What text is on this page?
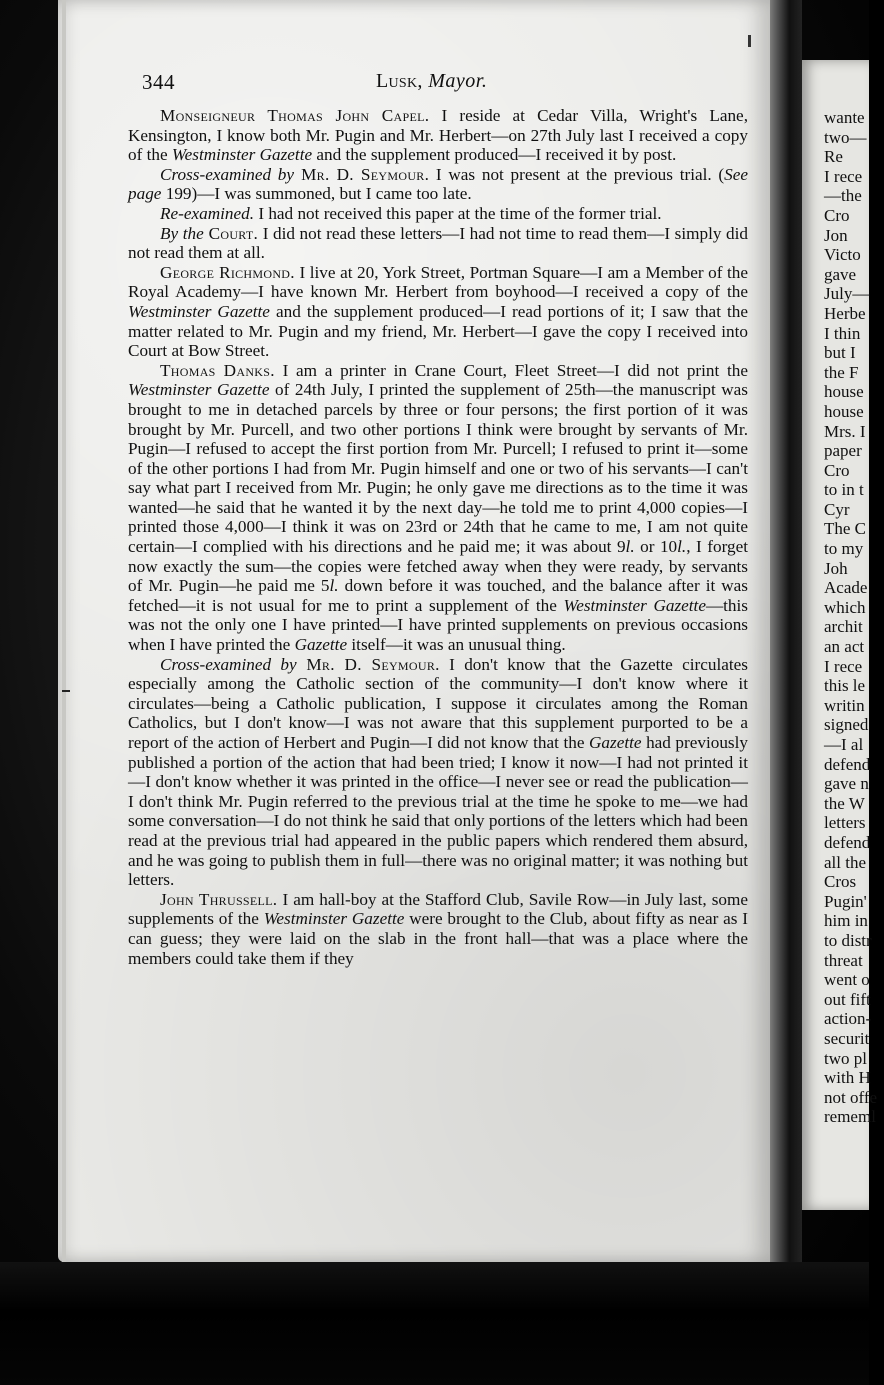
wante
two—
Re
I rece
—the
Cro
Jon
Victo
gave
July—
Herbe
I thin
but I
the F
house
house
Mrs. I
paper
Cro
to in t
Cyr
The C
to my
Joh
Acade
which
archit
an act
I rece
this le
writin
signed
—I al
defend
gave n
the W
letters
defend
all the
Cros
Pugin'
him in
to distr
threat
went o
out fift
action-
securit
two pl
with H
not offe
rememl
344	Lusk, Mayor.

Monseigneur Thomas John Capel. I reside at Cedar Villa, Wright's Lane, Kensington, I know both Mr. Pugin and Mr. Herbert—on 27th July last I received a copy of the Westminster Gazette and the supplement produced—I received it by post.

Cross-examined by Mr. D. Seymour. I was not present at the previous trial. (See page 199)—I was summoned, but I came too late.

Re-examined. I had not received this paper at the time of the former trial.

By the Court. I did not read these letters—I had not time to read them—I simply did not read them at all.

George Richmond. I live at 20, York Street, Portman Square—I am a Member of the Royal Academy—I have known Mr. Herbert from boyhood—I received a copy of the Westminster Gazette and the supplement produced—I read portions of it; I saw that the matter related to Mr. Pugin and my friend, Mr. Herbert—I gave the copy I received into Court at Bow Street.

Thomas Danks. I am a printer in Crane Court, Fleet Street—I did not print the Westminster Gazette of 24th July, I printed the supplement of 25th—the manuscript was brought to me in detached parcels by three or four persons; the first portion of it was brought by Mr. Purcell, and two other portions I think were brought by servants of Mr. Pugin—I refused to accept the first portion from Mr. Purcell; I refused to print it—some of the other portions I had from Mr. Pugin himself and one or two of his servants—I can't say what part I received from Mr. Pugin; he only gave me directions as to the time it was wanted—he said that he wanted it by the next day—he told me to print 4,000 copies—I printed those 4,000—I think it was on 23rd or 24th that he came to me, I am not quite certain—I complied with his directions and he paid me; it was about 9l. or 10l., I forget now exactly the sum—the copies were fetched away when they were ready, by servants of Mr. Pugin—he paid me 5l. down before it was touched, and the balance after it was fetched—it is not usual for me to print a supplement of the Westminster Gazette—this was not the only one I have printed—I have printed supplements on previous occasions when I have printed the Gazette itself—it was an unusual thing.

Cross-examined by Mr. D. Seymour. I don't know that the Gazette circulates especially among the Catholic section of the community—I don't know where it circulates—being a Catholic publication, I suppose it circulates among the Roman Catholics, but I don't know—I was not aware that this supplement purported to be a report of the action of Herbert and Pugin—I did not know that the Gazette had previously published a portion of the action that had been tried; I know it now—I had not printed it—I don't know whether it was printed in the office—I never see or read the publication—I don't think Mr. Pugin referred to the previous trial at the time he spoke to me—we had some conversation—I do not think he said that only portions of the letters which had been read at the previous trial had appeared in the public papers which rendered them absurd, and he was going to publish them in full—there was no original matter; it was nothing but letters.

John Thrussell. I am hall-boy at the Stafford Club, Savile Row—in July last, some supplements of the Westminster Gazette were brought to the Club, about fifty as near as I can guess; they were laid on the slab in the front hall—that was a place where the members could take them if they
